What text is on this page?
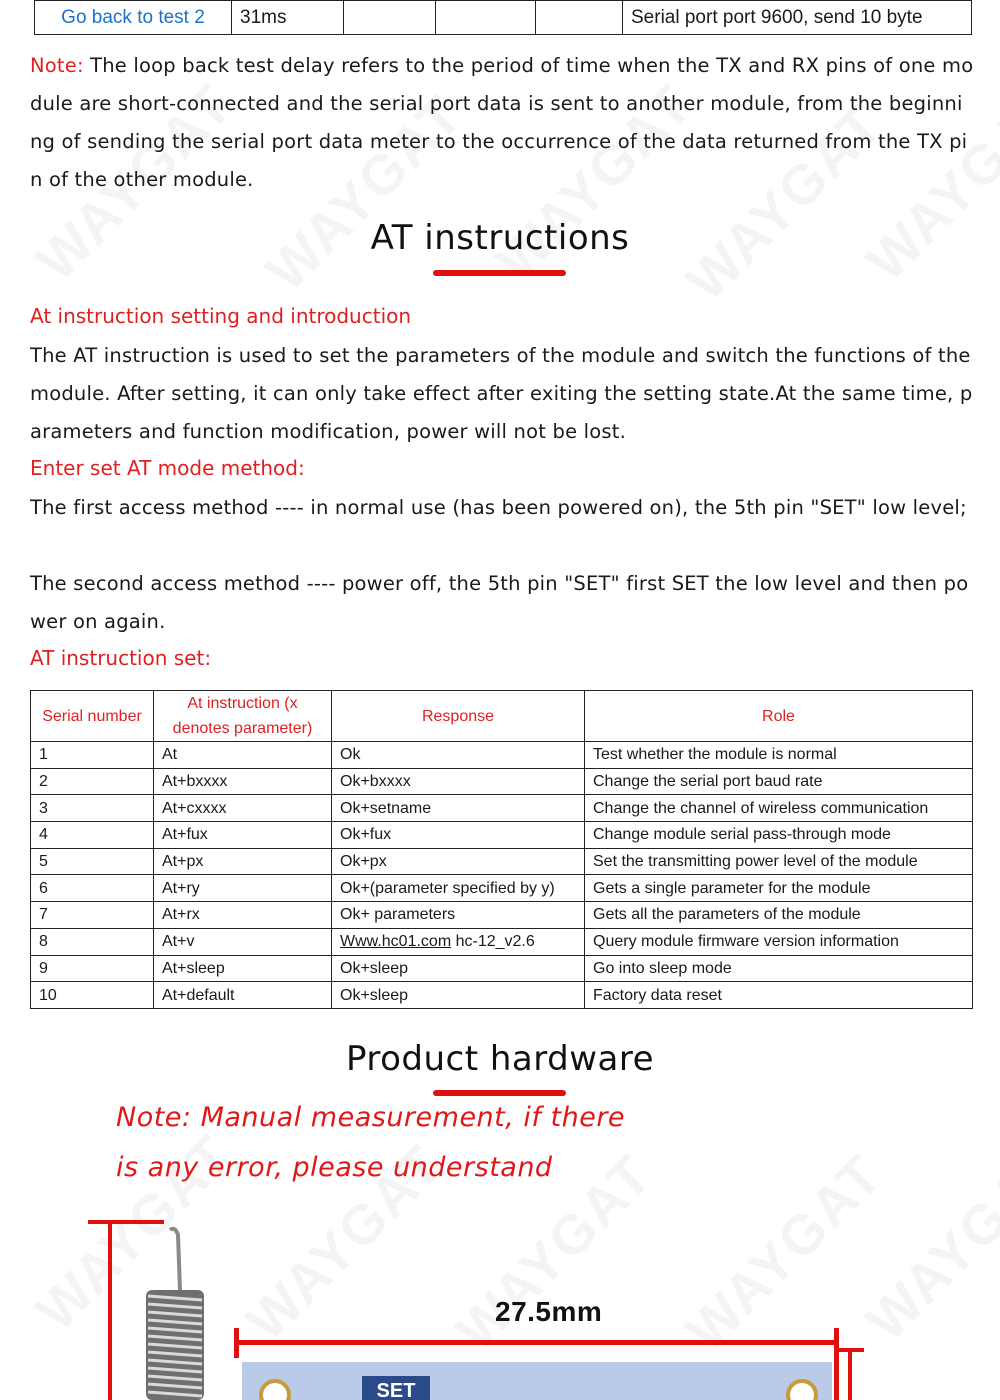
Go back to test 2	31ms				Serial port port 9600, send 10 byte
Note: The loop back test delay refers to the period of time when the TX and RX pins of one module are short-connected and the serial port data is sent to another module, from the beginning of sending the serial port data meter to the occurrence of the data returned from the TX pin of the other module.
AT instructions
At instruction setting and introduction
The AT instruction is used to set the parameters of the module and switch the functions of the module. After setting, it can only take effect after exiting the setting state.At the same time, parameters and function modification, power will not be lost.
Enter set AT mode method:
The first access method ---- in normal use (has been powered on), the 5th pin "SET" low level;
The second access method ---- power off, the 5th pin "SET" first SET the low level and then power on again.
AT instruction set:
Serial number	At instruction (x denotes parameter)	Response	Role
1	At	Ok	Test whether the module is normal
2	At+bxxxx	Ok+bxxxx	Change the serial port baud rate
3	At+cxxxx	Ok+setname	Change the channel of wireless communication
4	At+fux	Ok+fux	Change module serial pass-through mode
5	At+px	Ok+px	Set the transmitting power level of the module
6	At+ry	Ok+(parameter specified by y)	Gets a single parameter for the module
7	At+rx	Ok+ parameters	Gets all the parameters of the module
8	At+v	Www.hc01.com hc-12_v2.6	Query module firmware version information
9	At+sleep	Ok+sleep	Go into sleep mode
10	At+default	Ok+sleep	Factory data reset
Product hardware
Note: Manual measurement, if there
is any error, please understand
SET
27.5mm
